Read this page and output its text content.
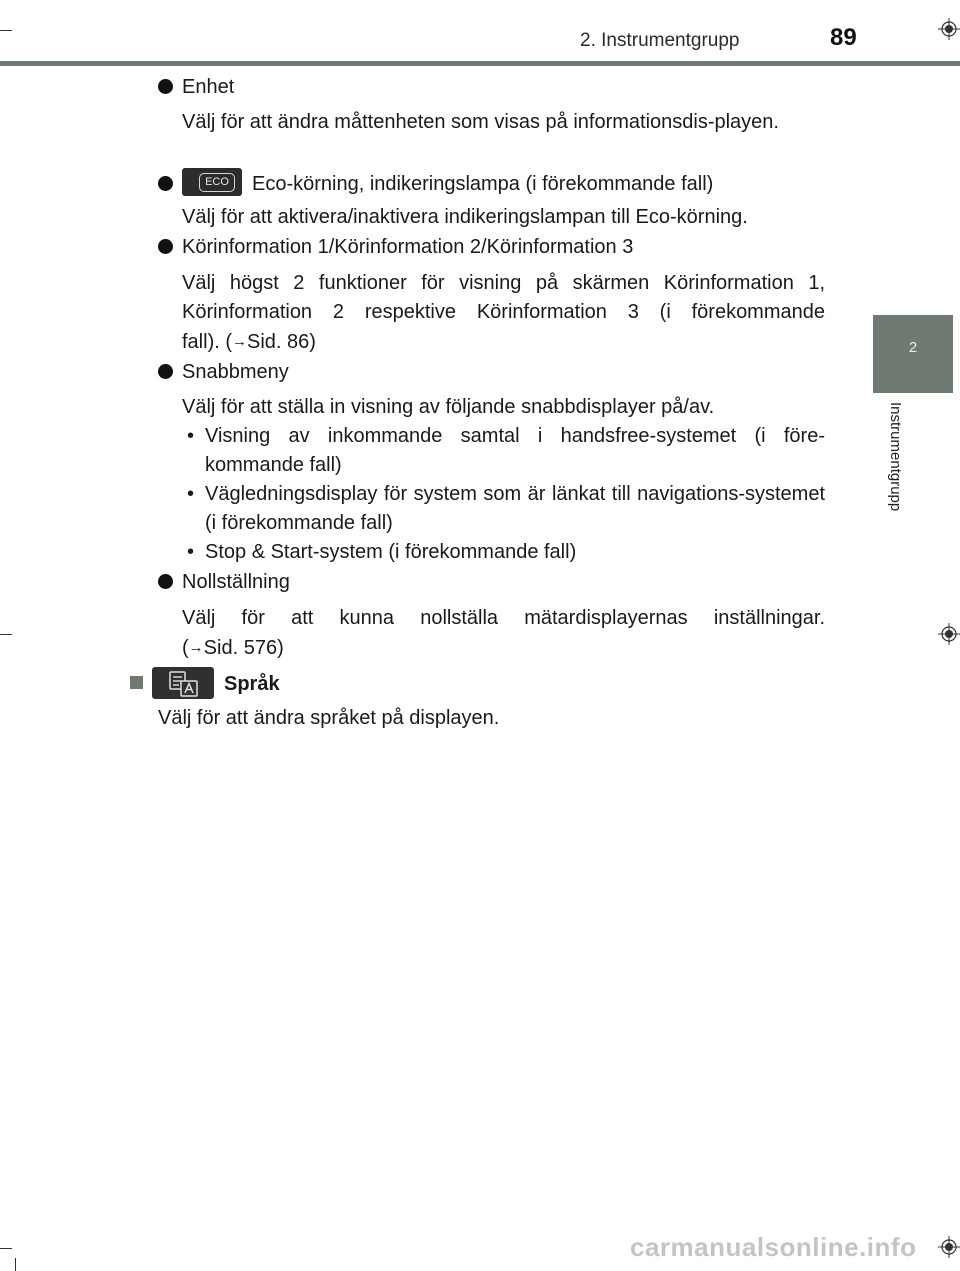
2. Instrumentgrupp	89
2
Instrumentgrupp
Enhet
Välj för att ändra måttenheten som visas på informationsdis-playen.
ECO	Eco-körning, indikeringslampa (i förekommande fall)
Välj för att aktivera/inaktivera indikeringslampan till Eco-körning.
Körinformation 1/Körinformation 2/Körinformation 3
Välj högst 2 funktioner för visning på skärmen Körinformation 1,
Körinformation 2 respektive Körinformation 3 (i förekommande
fall). (→Sid. 86)
Snabbmeny
Välj för att ställa in visning av följande snabbdisplayer på/av.
• Visning av inkommande samtal i handsfree-systemet (i före-kommande fall)
• Vägledningsdisplay för system som är länkat till navigations-systemet (i förekommande fall)
• Stop & Start-system (i förekommande fall)
Nollställning
Välj för att kunna nollställa mätardisplayernas inställningar.
(→Sid. 576)
Språk
Välj för att ändra språket på displayen.
carmanualsonline.info
